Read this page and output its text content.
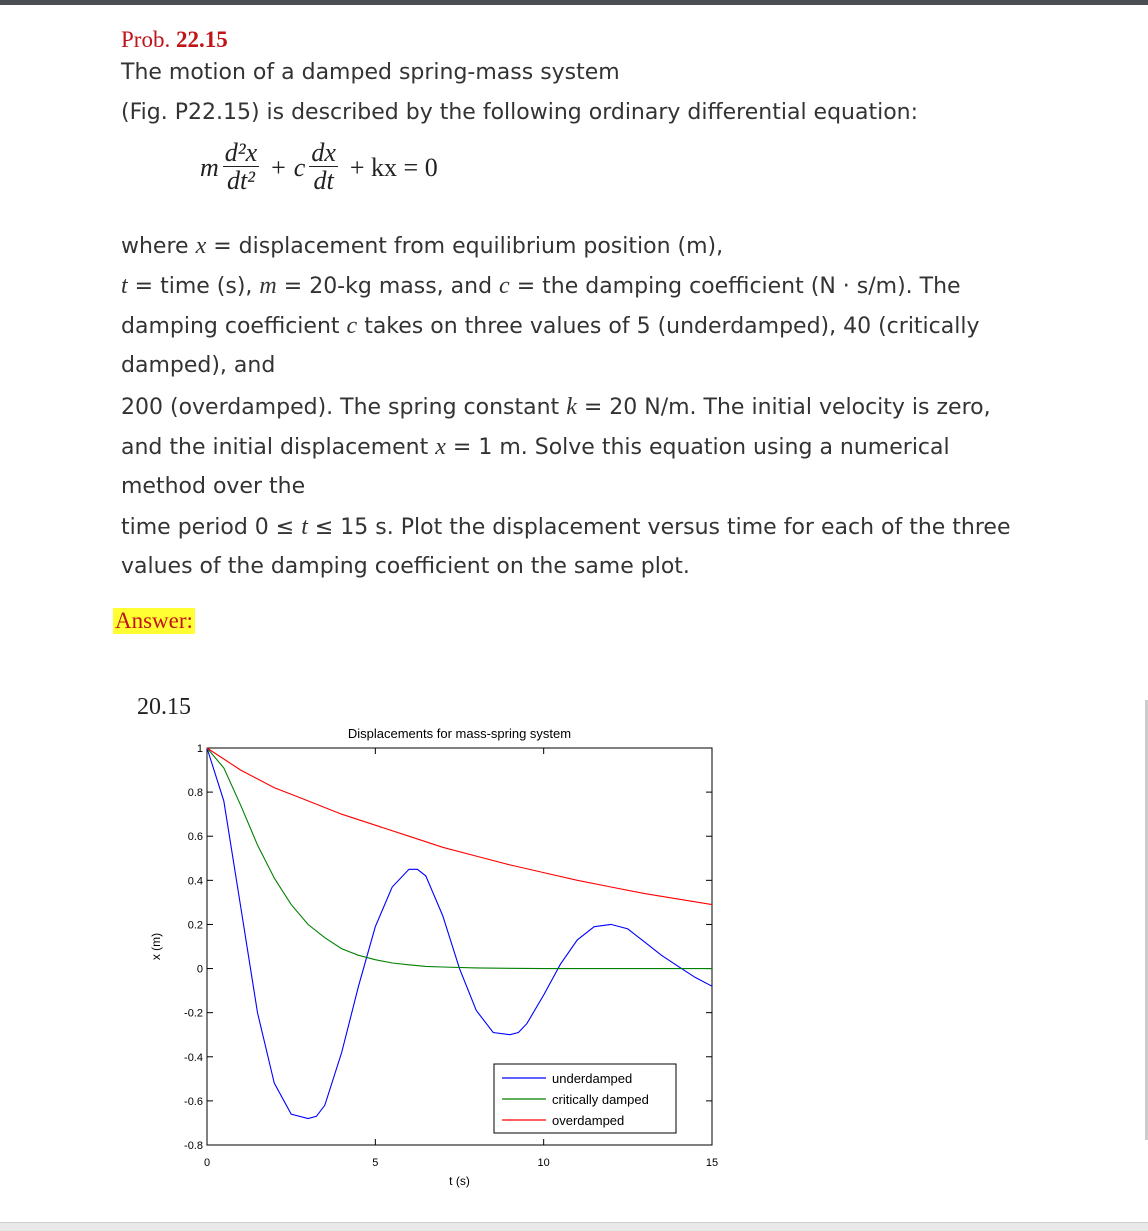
Prob. 22.15
The motion of a damped spring-mass system
(Fig. P22.15) is described by the following ordinary differential equation:
m $\frac{\text{d²x}}{\text{dt²}} + c \frac{dx}{dt}$ + kx = 0
where x = displacement from equilibrium position (m),
t = time (s), m = 20-kg mass, and c = the damping coefficient (N · s/m). The
damping coefficient c takes on three values of 5 (underdamped), 40 (critically
damped), and
200 (overdamped). The spring constant k = 20 N/m. The initial velocity is zero,
and the initial displacement x = 1 m. Solve this equation using a numerical
method over the
time period 0 ≤ t ≤ 15 s. Plot the displacement versus time for each of the three
values of the damping coefficient on the same plot.
Answer:
20.15
1
0.8
0.6
0.4
0.2
0
-0.2
-0.4
-0.6
-0.8
0	5	10	15
Displacements for mass-spring system
t (s)
x (m)
underdamped
critically damped
overdamped
